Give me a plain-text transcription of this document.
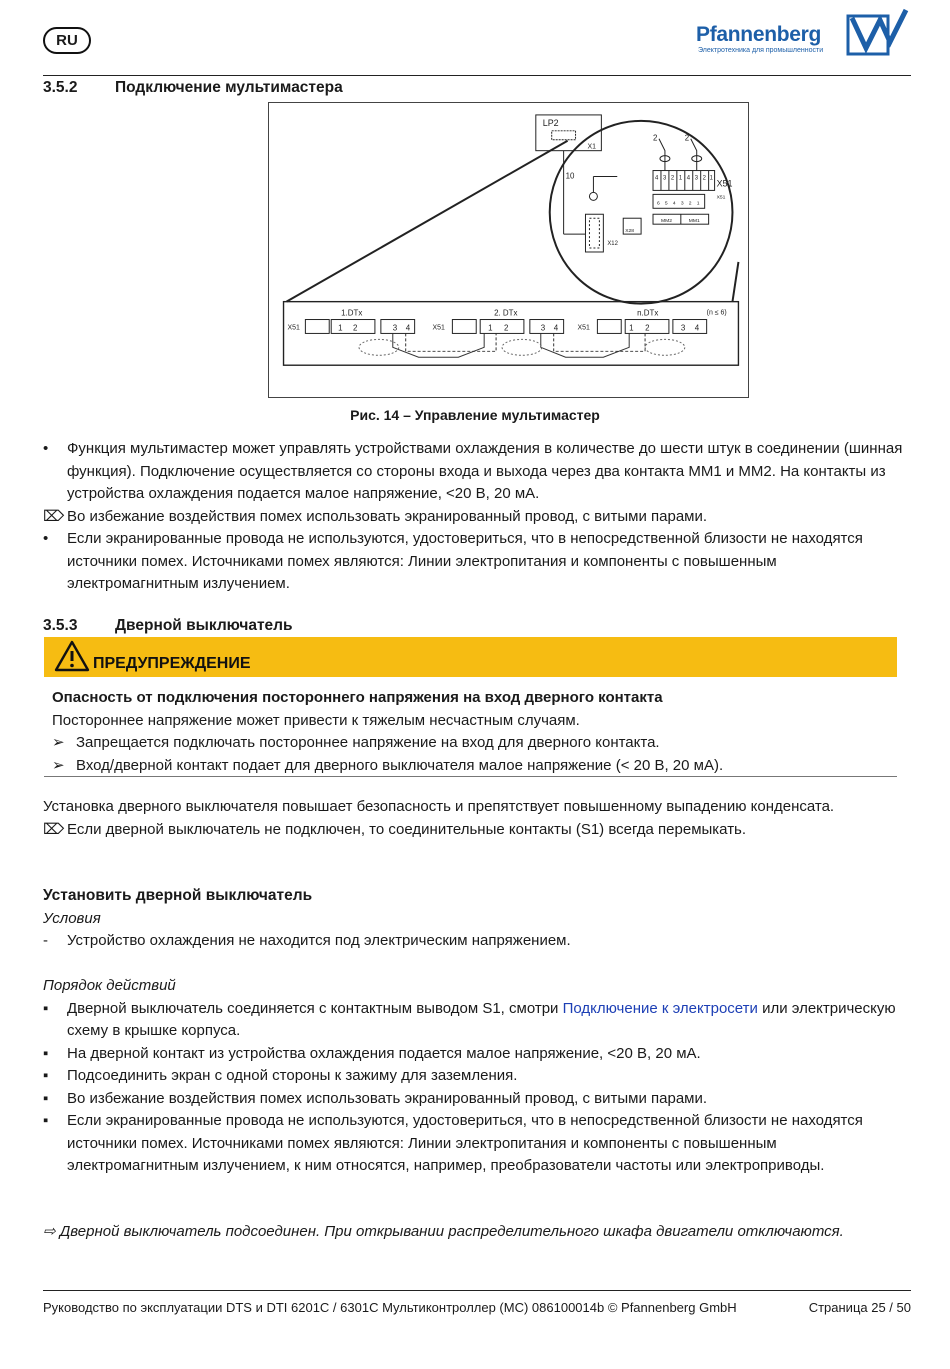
RU	Pfannenberg
Электротехника для промышленности
3.5.2 Подключение мультимастера
LP2
X1
10
X12
X28
4 3 2 1 4 3 2 1 X51
6 5 4 3 2 1
X51
MM2	MM1
2	2
1.DTx	2. DTx	n.DTx	(n ≤ 6)
X51	1 2	3 4	X51	1 2	3 4	X51	1 2	3 4
Рис. 14 – Управление мультимастер
•	Функция мультимастер может управлять устройствами охлаждения в количестве до шести штук в соединении (шинная функция). Подключение осуществляется со стороны входа и выхода через два контакта MM1 и MM2. На контакты из устройства охлаждения подается малое напряжение, <20 В, 20 мА.
⌦ Во избежание воздействия помех использовать экранированный провод, с витыми парами.
•	Если экранированные провода не используются, удостовериться, что в непосредственной близости не находятся источники помех. Источниками помех являются: Линии электропитания и компоненты с повышенным электромагнитным излучением.
3.5.3 Дверной выключатель
ПРЕДУПРЕЖДЕНИЕ
Опасность от подключения постороннего напряжения на вход дверного контакта
Постороннее напряжение может привести к тяжелым несчастным случаям.
➢ Запрещается подключать постороннее напряжение на вход для дверного контакта.
➢ Вход/дверной контакт подает для дверного выключателя малое напряжение (< 20 В, 20 мА).
Установка дверного выключателя повышает безопасность и препятствует повышенному выпадению конденсата.
⌦ Если дверной выключатель не подключен, то соединительные контакты (S1) всегда перемыкать.
Установить дверной выключатель
Условия
-	Устройство охлаждения не находится под электрическим напряжением.
Порядок действий
▪	Дверной выключатель соединяется с контактным выводом S1, смотри Подключение к электросети или электрическую схему в крышке корпуса.
▪	На дверной контакт из устройства охлаждения подается малое напряжение, <20 В, 20 мА.
▪	Подсоединить экран с одной стороны к зажиму для заземления.
▪	Во избежание воздействия помех использовать экранированный провод, с витыми парами.
▪	Если экранированные провода не используются, удостовериться, что в непосредственной близости не находятся источники помех. Источниками помех являются: Линии электропитания и компоненты с повышенным электромагнитным излучением, к ним относятся, например, преобразователи частоты или электроприводы.
⇨ Дверной выключатель подсоединен. При открывании распределительного шкафа двигатели отключаются.
Руководство по эксплуатации DTS и DTI 6201C / 6301C Мультиконтроллер (MC) 086100014b © Pfannenberg GmbH	Страница 25 / 50
